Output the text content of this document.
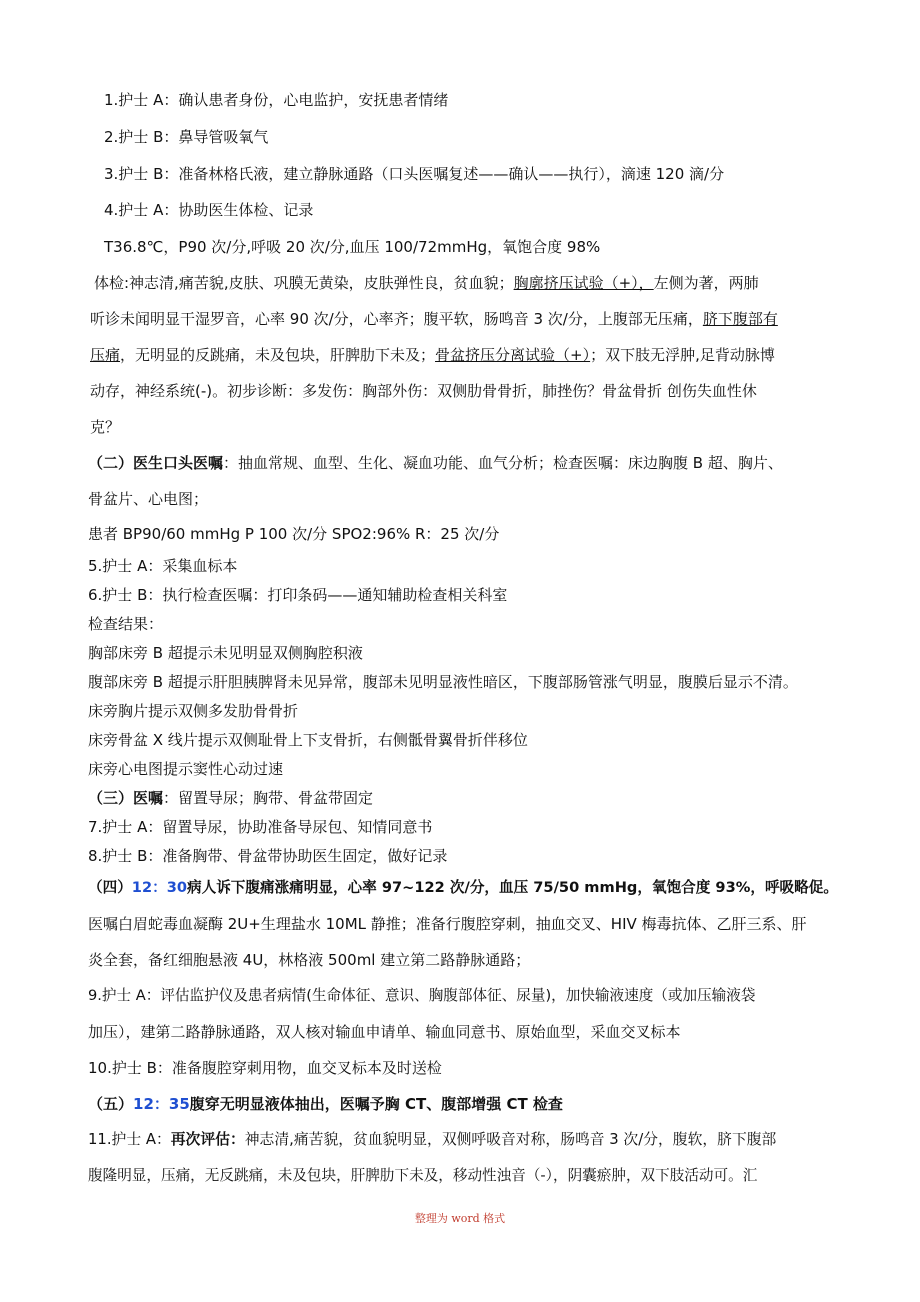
1.护士 A：确认患者身份，心电监护，安抚患者情绪
2.护士 B：鼻导管吸氧气
3.护士 B：准备林格氏液，建立静脉通路（口头医嘱复述——确认——执行），滴速 120 滴/分
4.护士 A：协助医生体检、记录
T36.8℃，P90 次/分,呼吸 20 次/分,血压 100/72mmHg，氧饱合度 98%
体检:神志清,痛苦貌,皮肤、巩膜无黄染，皮肤弹性良，贫血貌；胸廓挤压试验（+），左侧为著，两肺
听诊未闻明显干湿罗音，心率 90 次/分，心率齐；腹平软，肠鸣音 3 次/分，上腹部无压痛，脐下腹部有
压痛，无明显的反跳痛，未及包块，肝脾肋下未及；骨盆挤压分离试验（+）；双下肢无浮肿,足背动脉博
动存，神经系统(-)。初步诊断：多发伤：胸部外伤：双侧肋骨骨折，肺挫伤？骨盆骨折 创伤失血性休
克？
（二）医生口头医嘱：抽血常规、血型、生化、凝血功能、血气分析；检查医嘱：床边胸腹 B 超、胸片、
骨盆片、心电图；
患者 BP90/60 mmHg P 100 次/分 SPO2:96% R：25 次/分
5.护士 A：采集血标本
6.护士 B：执行检查医嘱：打印条码——通知辅助检查相关科室
检查结果：
胸部床旁 B 超提示未见明显双侧胸腔积液
腹部床旁 B 超提示肝胆胰脾肾未见异常，腹部未见明显液性暗区，下腹部肠管涨气明显，腹膜后显示不清。
床旁胸片提示双侧多发肋骨骨折
床旁骨盆 X 线片提示双侧耻骨上下支骨折，右侧骶骨翼骨折伴移位
床旁心电图提示窦性心动过速
（三）医嘱：留置导尿；胸带、骨盆带固定
7.护士 A：留置导尿，协助准备导尿包、知情同意书
8.护士 B：准备胸带、骨盆带协助医生固定，做好记录
（四）12：30病人诉下腹痛涨痛明显，心率 97~122 次/分，血压 75/50 mmHg，氧饱合度 93%，呼吸略促。
医嘱白眉蛇毒血凝酶 2U+生理盐水 10ML 静推；准备行腹腔穿刺，抽血交叉、HIV 梅毒抗体、乙肝三系、肝
炎全套，备红细胞悬液 4U，林格液 500ml 建立第二路静脉通路；
9.护士 A：评估监护仪及患者病情(生命体征、意识、胸腹部体征、尿量)，加快输液速度（或加压输液袋
加压），建第二路静脉通路，双人核对输血申请单、输血同意书、原始血型，采血交叉标本
10.护士 B：准备腹腔穿刺用物，血交叉标本及时送检
（五）12：35腹穿无明显液体抽出，医嘱予胸 CT、腹部增强 CT 检查
11.护士 A：再次评估：神志清,痛苦貌，贫血貌明显，双侧呼吸音对称，肠鸣音 3 次/分，腹软，脐下腹部
腹隆明显，压痛，无反跳痛，未及包块，肝脾肋下未及，移动性浊音（-），阴囊瘀肿，双下肢活动可。汇
整理为 word 格式
